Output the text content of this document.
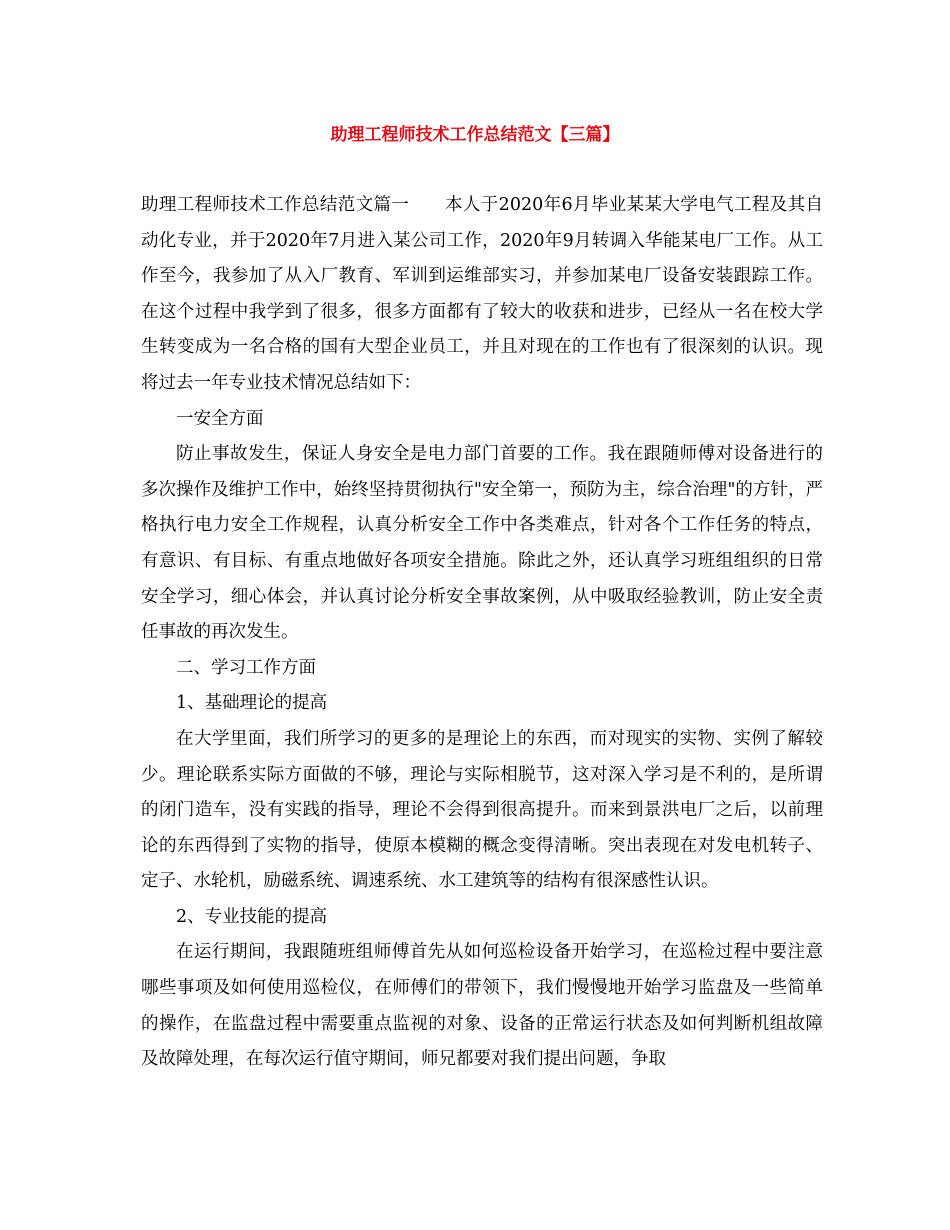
助理工程师技术工作总结范文【三篇】

助理工程师技术工作总结范文篇一　　本人于2020年6月毕业某某大学电气工程及其自动化专业，并于2020年7月进入某公司工作，2020年9月转调入华能某电厂工作。从工作至今，我参加了从入厂教育、军训到运维部实习，并参加某电厂设备安装跟踪工作。在这个过程中我学到了很多，很多方面都有了较大的收获和进步，已经从一名在校大学生转变成为一名合格的国有大型企业员工，并且对现在的工作也有了很深刻的认识。现将过去一年专业技术情况总结如下：

一安全方面

防止事故发生，保证人身安全是电力部门首要的工作。我在跟随师傅对设备进行的多次操作及维护工作中，始终坚持贯彻执行"安全第一，预防为主，综合治理"的方针，严格执行电力安全工作规程，认真分析安全工作中各类难点，针对各个工作任务的特点，有意识、有目标、有重点地做好各项安全措施。除此之外，还认真学习班组组织的日常安全学习，细心体会，并认真讨论分析安全事故案例，从中吸取经验教训，防止安全责任事故的再次发生。

二、学习工作方面

1、基础理论的提高

在大学里面，我们所学习的更多的是理论上的东西，而对现实的实物、实例了解较少。理论联系实际方面做的不够，理论与实际相脱节，这对深入学习是不利的，是所谓的闭门造车，没有实践的指导，理论不会得到很高提升。而来到景洪电厂之后，以前理论的东西得到了实物的指导，使原本模糊的概念变得清晰。突出表现在对发电机转子、定子、水轮机，励磁系统、调速系统、水工建筑等的结构有很深感性认识。

2、专业技能的提高

在运行期间，我跟随班组师傅首先从如何巡检设备开始学习，在巡检过程中要注意哪些事项及如何使用巡检仪，在师傅们的带领下，我们慢慢地开始学习监盘及一些简单的操作，在监盘过程中需要重点监视的对象、设备的正常运行状态及如何判断机组故障及故障处理，在每次运行值守期间，师兄都要对我们提出问题，争取
